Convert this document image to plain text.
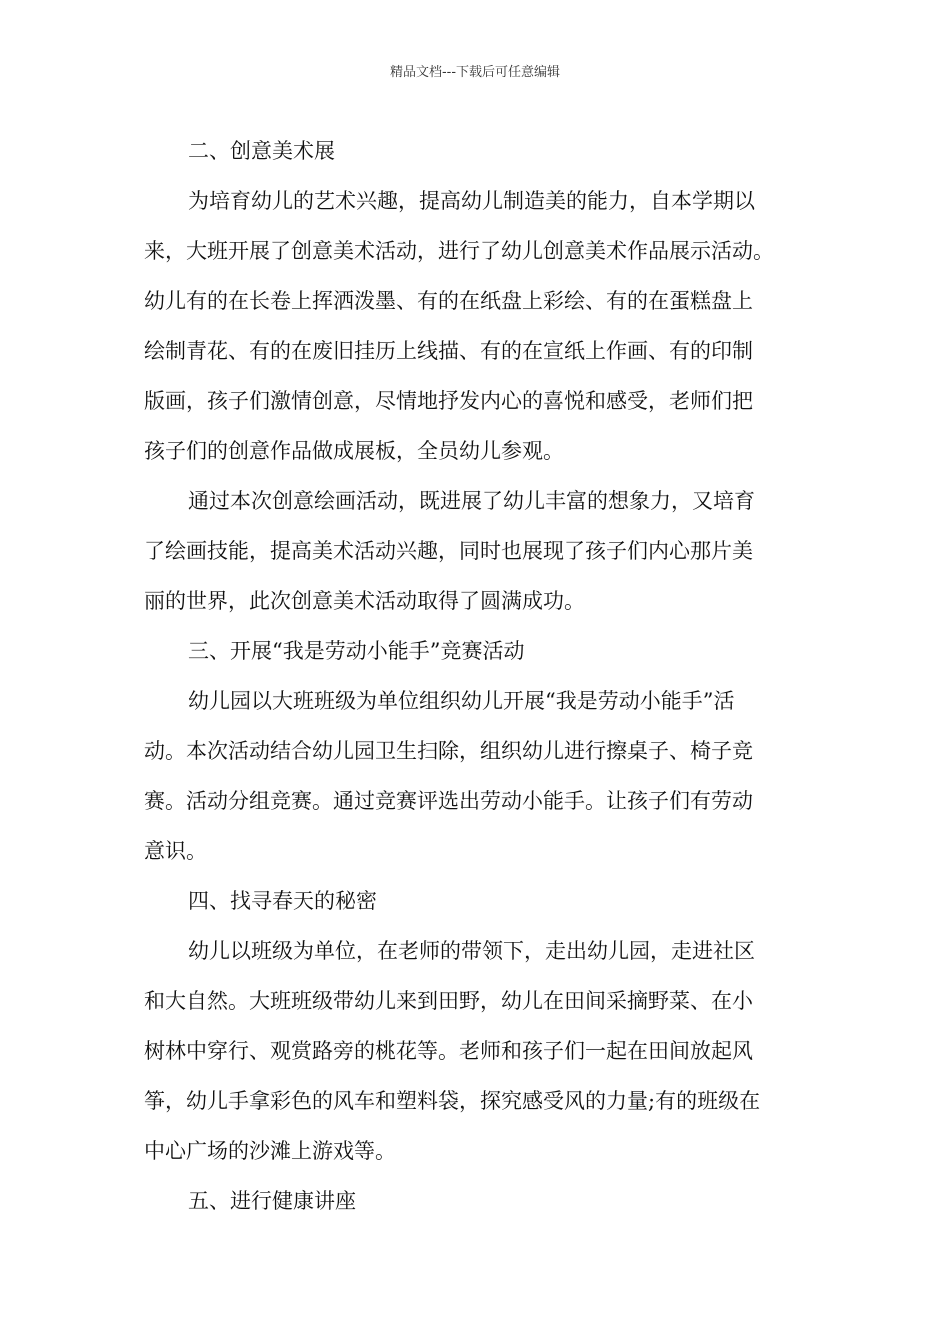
精品文档---下载后可任意编辑
二、创意美术展
为培育幼儿的艺术兴趣，提高幼儿制造美的能力，自本学期以
来，大班开展了创意美术活动，进行了幼儿创意美术作品展示活动。
幼儿有的在长卷上挥洒泼墨、有的在纸盘上彩绘、有的在蛋糕盘上
绘制青花、有的在废旧挂历上线描、有的在宣纸上作画、有的印制
版画，孩子们激情创意，尽情地抒发内心的喜悦和感受，老师们把
孩子们的创意作品做成展板，全员幼儿参观。
通过本次创意绘画活动，既进展了幼儿丰富的想象力，又培育
了绘画技能，提高美术活动兴趣，同时也展现了孩子们内心那片美
丽的世界，此次创意美术活动取得了圆满成功。
三、开展“我是劳动小能手”竞赛活动
幼儿园以大班班级为单位组织幼儿开展“我是劳动小能手”活
动。本次活动结合幼儿园卫生扫除，组织幼儿进行擦桌子、椅子竞
赛。活动分组竞赛。通过竞赛评选出劳动小能手。让孩子们有劳动
意识。
四、找寻春天的秘密
幼儿以班级为单位，在老师的带领下，走出幼儿园，走进社区
和大自然。大班班级带幼儿来到田野，幼儿在田间采摘野菜、在小
树林中穿行、观赏路旁的桃花等。老师和孩子们一起在田间放起风
筝，幼儿手拿彩色的风车和塑料袋，探究感受风的力量;有的班级在
中心广场的沙滩上游戏等。
五、进行健康讲座
